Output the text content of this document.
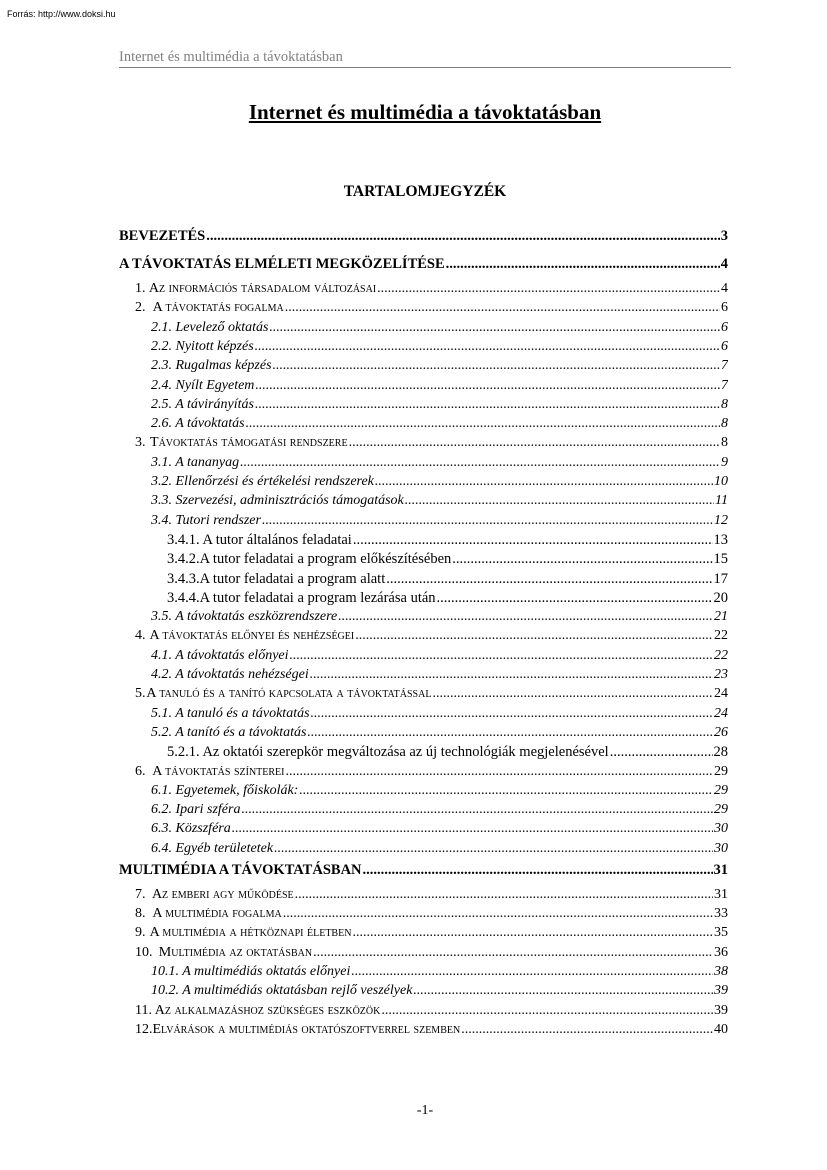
Forrás: http://www.doksi.hu
Internet és multimédia a távoktatásban
Internet és multimédia a távoktatásban
TARTALOMJEGYZÉK
BEVEZETÉS .....	3
A TÁVOKTATÁS ELMÉLETI MEGKÖZELÍTÉSE .....	4
1. Az információs társadalom változásai .....	4
2. A távoktatás fogalma .....	6
2.1. Levelező oktatás .....	6
2.2. Nyitott képzés .....	6
2.3. Rugalmas képzés .....	7
2.4. Nyílt Egyetem .....	7
2.5. A távirányítás .....	8
2.6. A távoktatás .....	8
3. Távoktatás támogatási rendszere .....	8
3.1. A tananyag .....	9
3.2. Ellenőrzési és értékelési rendszerek .....	10
3.3. Szervezési, adminisztrációs támogatások .....	11
3.4. Tutori rendszer .....	12
3.4.1. A tutor általános feladatai .....	13
3.4.2.A tutor feladatai a program előkészítésében .....	15
3.4.3.A tutor feladatai a program alatt .....	17
3.4.4.A tutor feladatai a program lezárása után .....	20
3.5. A távoktatás eszközrendszere .....	21
4. A távoktatás előnyei és nehézségei .....	22
4.1. A távoktatás előnyei .....	22
4.2. A távoktatás nehézségei .....	23
5. A tanuló és a tanító kapcsolata a távoktatással .....	24
5.1. A tanuló és a távoktatás .....	24
5.2. A tanító és a távoktatás .....	26
5.2.1. Az oktatói szerepkör megváltozása az új technológiák megjelenésével .....	28
6. A távoktatás színterei .....	29
6.1. Egyetemek, főiskolák: .....	29
6.2. Ipari szféra .....	29
6.3. Közszféra .....	30
6.4. Egyéb területetek .....	30
MULTIMÉDIA A TÁVOKTATÁSBAN .....	31
7. Az emberi agy működése .....	31
8. A multimédia fogalma .....	33
9. A multimédia a hétköznapi életben .....	35
10. Multimédia az oktatásban .....	36
10.1. A multimédiás oktatás előnyei .....	38
10.2. A multimédiás oktatásban rejlő veszélyek .....	39
11. Az alkalmazáshoz szükséges eszközök .....	39
12. Elvárások a multimédiás oktatószoftverrel szemben .....	40
-1-
